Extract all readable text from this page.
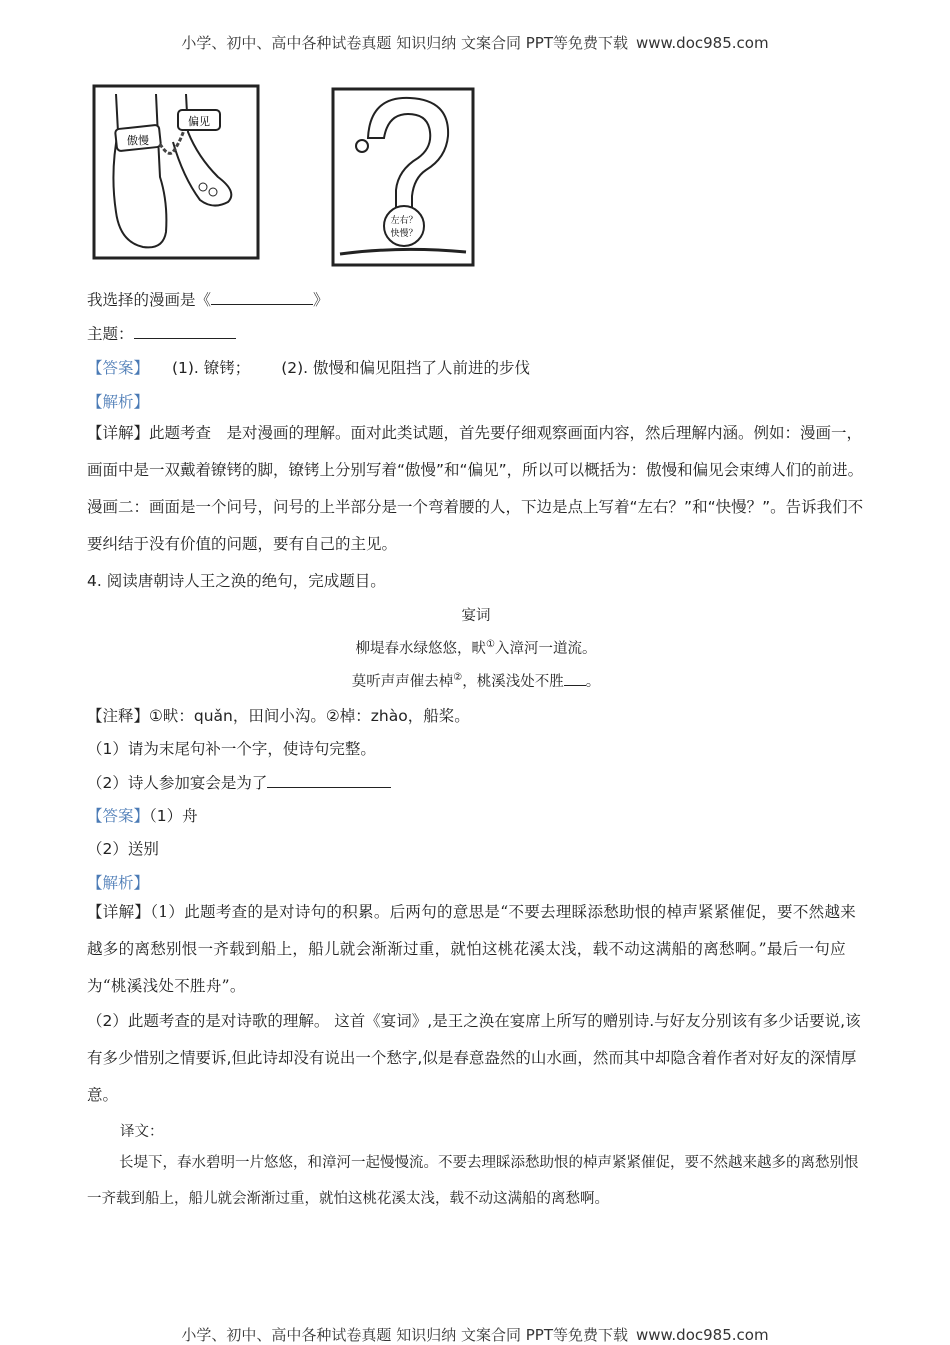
小学、初中、高中各种试卷真题 知识归纳 文案合同 PPT等免费下载 www.doc985.com
傲慢
偏见
左右？
快慢？
我选择的漫画是《	》
主题：
【答案】 (1). 镣铐； (2). 傲慢和偏见阻挡了人前进的步伐
【解析】
【详解】此题考查　是对漫画的理解。面对此类试题，首先要仔细观察画面内容，然后理解内涵。例如：漫画一，画面中是一双戴着镣铐的脚，镣铐上分别写着“傲慢”和“偏见”，所以可以概括为：傲慢和偏见会束缚人们的前进。漫画二：画面是一个问号，问号的上半部分是一个弯着腰的人，下边是点上写着“左右？”和“快慢？”。告诉我们不要纠结于没有价值的问题，要有自己的主见。
4. 阅读唐朝诗人王之涣的绝句，完成题目。
宴词
柳堤春水绿悠悠，畎①入漳河一道流。
莫听声声催去棹②，桃溪浅处不胜 。
【注释】①畎：quǎn，田间小沟。②棹：zhào，船桨。
（1）请为末尾句补一个字，使诗句完整。
（2）诗人参加宴会是为了
【答案】（1）舟
（2）送别
【解析】
【详解】（1）此题考查的是对诗句的积累。后两句的意思是“不要去理睬添愁助恨的棹声紧紧催促，要不然越来越多的离愁别恨一齐载到船上，船儿就会渐渐过重，就怕这桃花溪太浅，载不动这满船的离愁啊。”最后一句应为“桃溪浅处不胜舟”。
（2）此题考查的是对诗歌的理解。 这首《宴词》,是王之涣在宴席上所写的赠别诗.与好友分别该有多少话要说,该有多少惜别之情要诉,但此诗却没有说出一个愁字,似是春意盎然的山水画，然而其中却隐含着作者对好友的深情厚意。
译文：
长堤下，春水碧明一片悠悠，和漳河一起慢慢流。不要去理睬添愁助恨的棹声紧紧催促，要不然越来越多的离愁别恨一齐载到船上，船儿就会渐渐过重，就怕这桃花溪太浅，载不动这满船的离愁啊。
小学、初中、高中各种试卷真题 知识归纳 文案合同 PPT等免费下载 www.doc985.com
